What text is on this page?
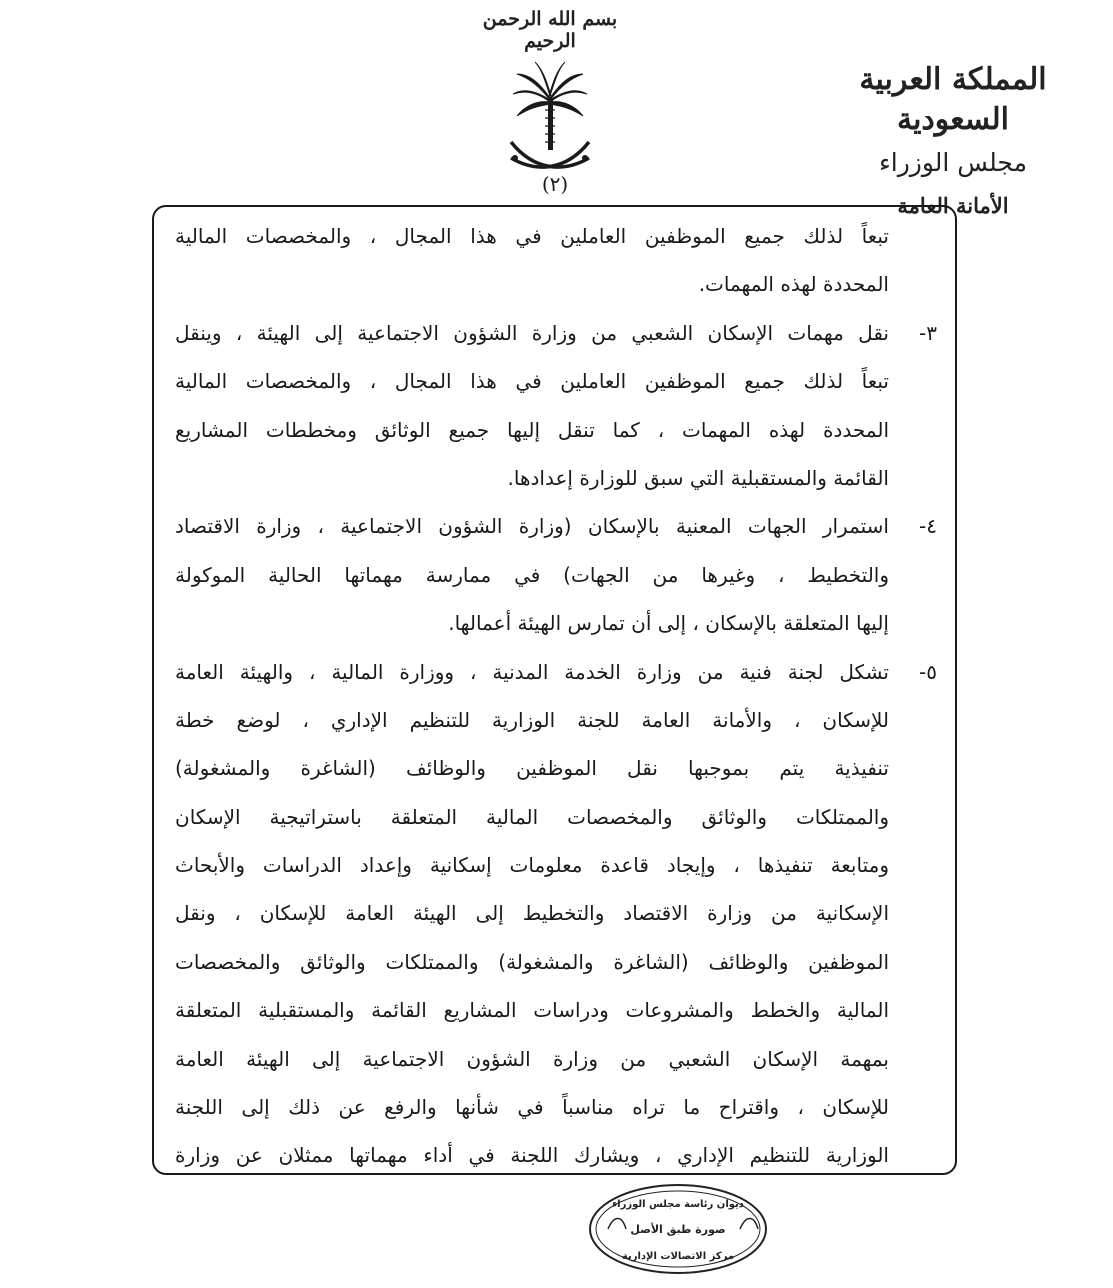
بسم الله الرحمن الرحيم
(٢)
المملكة العربية السعودية
مجلس الوزراء
الأمانة العامة
تبعاً لذلك جميع الموظفين العاملين في هذا المجال ، والمخصصات المالية
المحددة لهذه المهمات.
٣-
نقل مهمات الإسكان الشعبي من وزارة الشؤون الاجتماعية إلى الهيئة ، وينقل
تبعاً لذلك جميع الموظفين العاملين في هذا المجال ، والمخصصات المالية
المحددة لهذه المهمات ، كما تنقل إليها جميع الوثائق ومخططات المشاريع
القائمة والمستقبلية التي سبق للوزارة إعدادها.
٤-
استمرار الجهات المعنية بالإسكان (وزارة الشؤون الاجتماعية ، وزارة الاقتصاد
والتخطيط ، وغيرها من الجهات) في ممارسة مهماتها الحالية الموكولة
إليها المتعلقة بالإسكان ، إلى أن تمارس الهيئة أعمالها.
٥-
تشكل لجنة فنية من وزارة الخدمة المدنية ، ووزارة المالية ، والهيئة العامة
للإسكان ، والأمانة العامة للجنة الوزارية للتنظيم الإداري ، لوضع خطة
تنفيذية يتم بموجبها نقل الموظفين والوظائف (الشاغرة والمشغولة)
والممتلكات والوثائق والمخصصات المالية المتعلقة باستراتيجية الإسكان
ومتابعة تنفيذها ، وإيجاد قاعدة معلومات إسكانية وإعداد الدراسات والأبحاث
الإسكانية من وزارة الاقتصاد والتخطيط إلى الهيئة العامة للإسكان ، ونقل
الموظفين والوظائف (الشاغرة والمشغولة) والممتلكات والوثائق والمخصصات
المالية والخطط والمشروعات ودراسات المشاريع القائمة والمستقبلية المتعلقة
بمهمة الإسكان الشعبي من وزارة الشؤون الاجتماعية إلى الهيئة العامة
للإسكان ، واقتراح ما تراه مناسباً في شأنها والرفع عن ذلك إلى اللجنة
الوزارية للتنظيم الإداري ، ويشارك اللجنة في أداء مهماتها ممثلان عن وزارة
ديوان رئاسة مجلس الوزراء
صورة طبق الأصل
مركز الاتصالات الإدارية
